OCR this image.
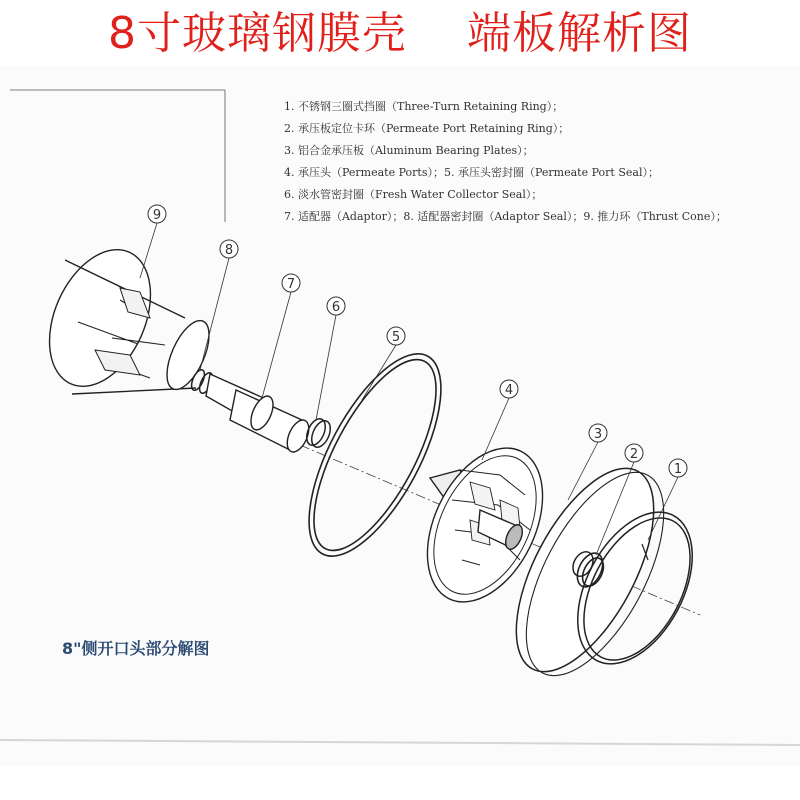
8寸玻璃钢膜壳    端板解析图
9
8
7
6
5
4
3
2
1
1. 不锈钢三圈式挡圈（Three-Turn Retaining Ring）；
2. 承压板定位卡环（Permeate Port Retaining Ring）；
3. 铝合金承压板（Aluminum Bearing Plates）；
4. 承压头（Permeate Ports）；5. 承压头密封圈（Permeate Port Seal）；
6. 淡水管密封圈（Fresh Water Collector Seal）；
7. 适配器（Adaptor）；8. 适配器密封圈（Adaptor Seal）；9. 推力环（Thrust Cone）；
8"侧开口头部分解图
